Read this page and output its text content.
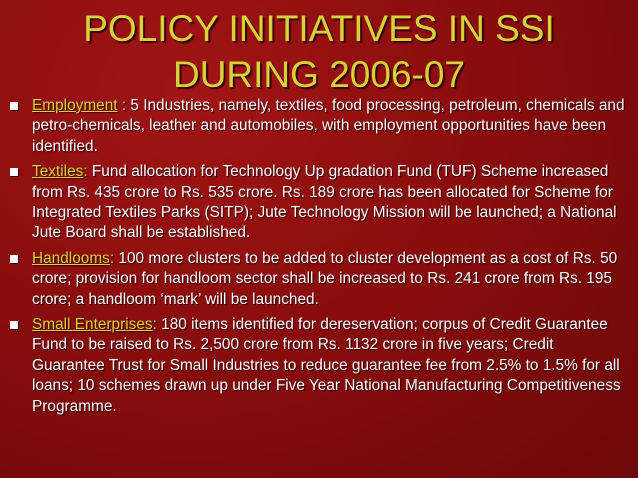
POLICY INITIATIVES IN SSI
DURING 2006-07
Employment : 5 Industries, namely, textiles, food processing, petroleum, chemicals and petro-chemicals, leather and automobiles, with employment opportunities have been identified.
Textiles: Fund allocation for Technology Up gradation Fund (TUF) Scheme increased from Rs. 435 crore to Rs. 535 crore. Rs. 189 crore has been allocated for Scheme for Integrated Textiles Parks (SITP); Jute Technology Mission will be launched; a National Jute Board shall be established.
Handlooms: 100 more clusters to be added to cluster development as a cost of Rs. 50 crore; provision for handloom sector shall be increased to Rs. 241 crore from Rs. 195 crore; a handloom ‘mark’ will be launched.
Small Enterprises: 180 items identified for dereservation; corpus of Credit Guarantee Fund to be raised to Rs. 2,500 crore from Rs. 1132 crore in five years; Credit Guarantee Trust for Small Industries to reduce guarantee fee from 2.5% to 1.5% for all loans; 10 schemes drawn up under Five Year National Manufacturing Competitiveness Programme.
